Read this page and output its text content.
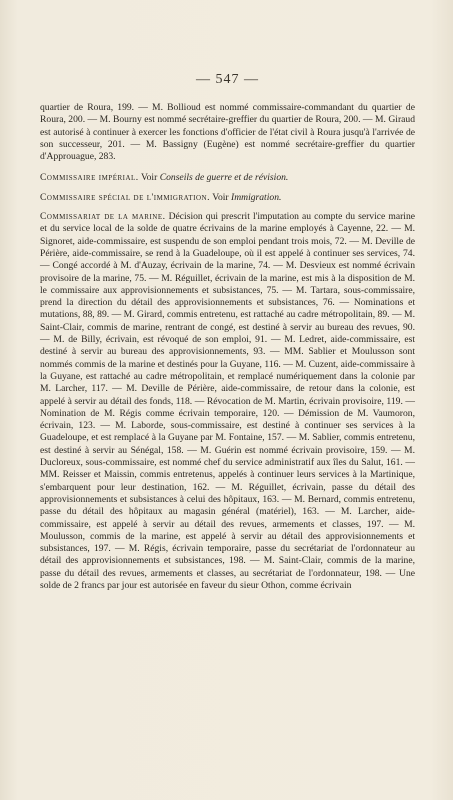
— 547 —

quartier de Roura, 199. — M. Bollioud est nommé commissaire-commandant du quartier de Roura, 200. — M. Bourny est nommé secrétaire-greffier du quartier de Roura, 200. — M. Giraud est autorisé à continuer à exercer les fonctions d'officier de l'état civil à Roura jusqu'à l'arrivée de son successeur, 201. — M. Bassigny (Eugène) est nommé secrétaire-greffier du quartier d'Approuague, 283.

Commissaire impérial. Voir Conseils de guerre et de révision.

Commissaire spécial de l'immigration. Voir Immigration.

Commissariat de la marine. Décision qui prescrit l'imputation au compte du service marine et du service local de la solde de quatre écrivains de la marine employés à Cayenne, 22. — M. Signoret, aide-commissaire, est suspendu de son emploi pendant trois mois, 72. — M. Deville de Périère, aide-commissaire, se rend à la Guadeloupe, où il est appelé à continuer ses services, 74. — Congé accordé à M. d'Auzay, écrivain de la marine, 74. — M. Desvieux est nommé écrivain provisoire de la marine, 75. — M. Réguillet, écrivain de la marine, est mis à la disposition de M. le commissaire aux approvisionnements et subsistances, 75. — M. Tartara, sous-commissaire, prend la direction du détail des approvisionnements et subsistances, 76. — Nominations et mutations, 88, 89. — M. Girard, commis entretenu, est rattaché au cadre métropolitain, 89. — M. Saint-Clair, commis de marine, rentrant de congé, est destiné à servir au bureau des revues, 90. — M. de Billy, écrivain, est révoqué de son emploi, 91. — M. Ledret, aide-commissaire, est destiné à servir au bureau des approvisionnements, 93. — MM. Sablier et Moulusson sont nommés commis de la marine et destinés pour la Guyane, 116. — M. Cuzent, aide-commissaire à la Guyane, est rattaché au cadre métropolitain, et remplacé numériquement dans la colonie par M. Larcher, 117. — M. Deville de Périère, aide-commissaire, de retour dans la colonie, est appelé à servir au détail des fonds, 118. — Révocation de M. Martin, écrivain provisoire, 119. — Nomination de M. Régis comme écrivain temporaire, 120. — Démission de M. Vaumoron, écrivain, 123. — M. Laborde, sous-commissaire, est destiné à continuer ses services à la Guadeloupe, et est remplacé à la Guyane par M. Fontaine, 157. — M. Sablier, commis entretenu, est destiné à servir au Sénégal, 158. — M. Guérin est nommé écrivain provisoire, 159. — M. Ducloreux, sous-commissaire, est nommé chef du service administratif aux îles du Salut, 161. — MM. Reisser et Maissin, commis entretenus, appelés à continuer leurs services à la Martinique, s'embarquent pour leur destination, 162. — M. Réguillet, écrivain, passe du détail des approvisionnements et subsistances à celui des hôpitaux, 163. — M. Bernard, commis entretenu, passe du détail des hôpitaux au magasin général (matériel), 163. — M. Larcher, aide-commissaire, est appelé à servir au détail des revues, armements et classes, 197. — M. Moulusson, commis de la marine, est appelé à servir au détail des approvisionnements et subsistances, 197. — M. Régis, écrivain temporaire, passe du secrétariat de l'ordonnateur au détail des approvisionnements et subsistances, 198. — M. Saint-Clair, commis de la marine, passe du détail des revues, armements et classes, au secrétariat de l'ordonnateur, 198. — Une solde de 2 francs par jour est autorisée en faveur du sieur Othon, comme écrivain
